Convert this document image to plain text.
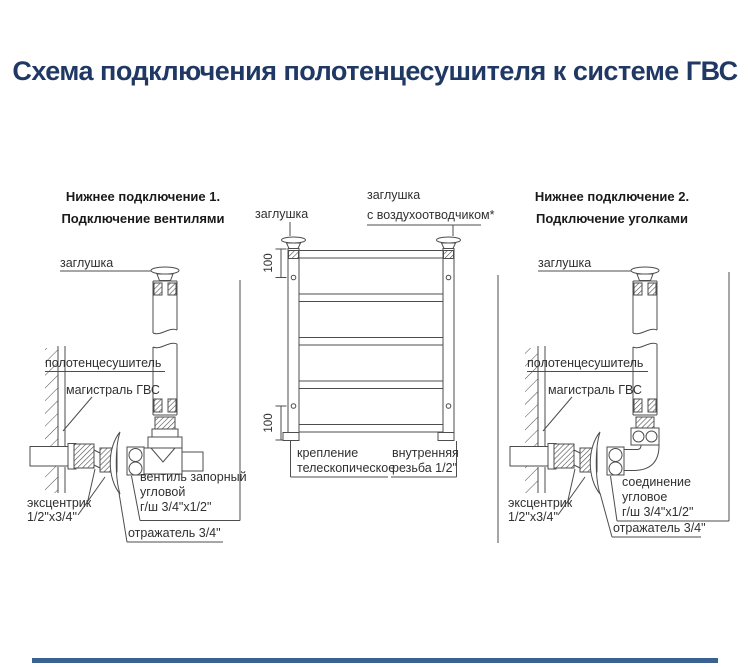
Схема подключения полотенцесушителя к системе ГВС
Нижнее подключение 1.
Подключение вентилями
заглушка
полотенцесушитель
магистраль ГВС
эксцентрик
1/2"x3/4"
вентиль запорный
угловой
г/ш 3/4"x1/2"
отражатель 3/4"
заглушка
заглушка
с воздухоотводчиком*
100
100
крепление
телескопическое
внутренняя
резьба 1/2"
Нижнее подключение 2.
Подключение уголками
заглушка
полотенцесушитель
магистраль ГВС
эксцентрик
1/2"x3/4"
соединение
угловое
г/ш 3/4"x1/2"
отражатель 3/4"
